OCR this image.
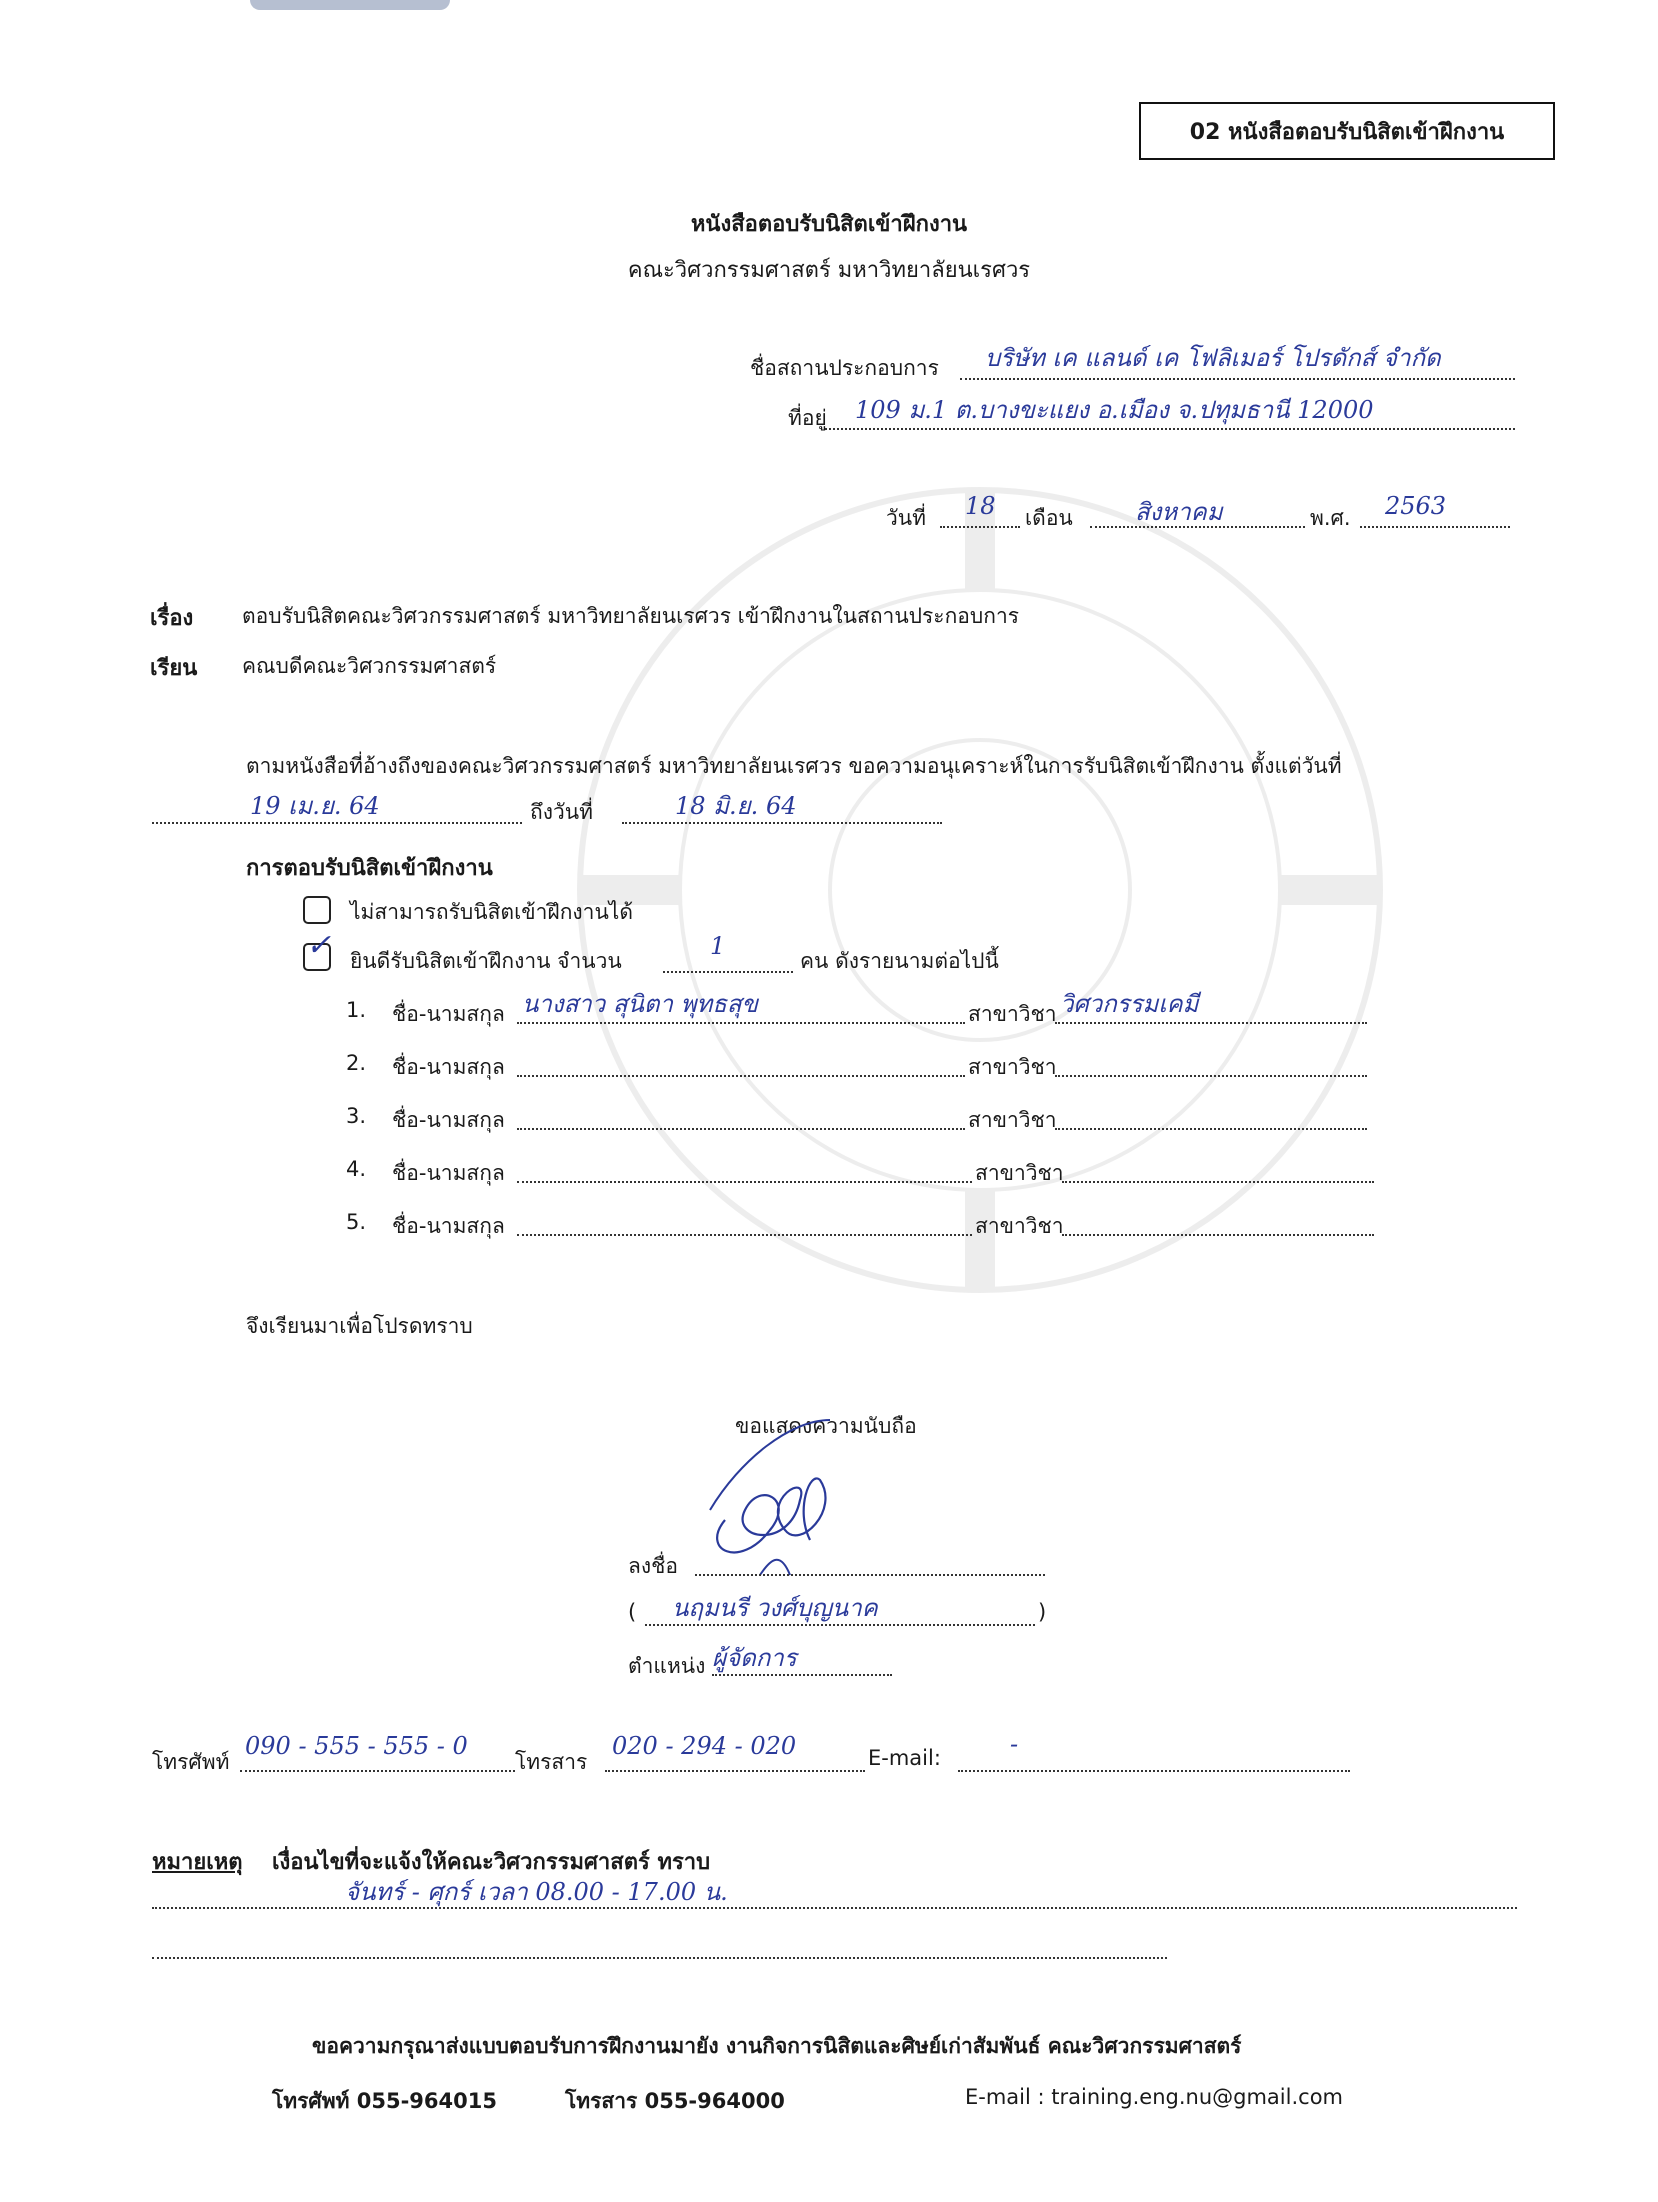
02 หนังสือตอบรับนิสิตเข้าฝึกงาน
หนังสือตอบรับนิสิตเข้าฝึกงาน
คณะวิศวกรรมศาสตร์ มหาวิทยาลัยนเรศวร
ชื่อสถานประกอบการ บริษัท เค แลนด์ เค โฟลิเมอร์ โปรดักส์ จำกัด
ที่อยู่ 109 ม.1 ต.บางขะแยง อ.เมือง จ.ปทุมธานี 12000
วันที่ 18 เดือน	สิงหาคม	พ.ศ. 2563
เรื่อง ตอบรับนิสิตคณะวิศวกรรมศาสตร์ มหาวิทยาลัยนเรศวร เข้าฝึกงานในสถานประกอบการ
เรียน คณบดีคณะวิศวกรรมศาสตร์
ตามหนังสือที่อ้างถึงของคณะวิศวกรรมศาสตร์ มหาวิทยาลัยนเรศวร ขอความอนุเคราะห์ในการรับนิสิตเข้าฝึกงาน ตั้งแต่วันที่
19 เม.ย. 64	ถึงวันที่	18 มิ.ย. 64
การตอบรับนิสิตเข้าฝึกงาน
ไม่สามารถรับนิสิตเข้าฝึกงานได้
✓ ยินดีรับนิสิตเข้าฝึกงาน จำนวน
1
คน ดังรายนามต่อไปนี้
1. ชื่อ-นามสกุล นางสาว สุนิตา พุทธสุข	สาขาวิชา วิศวกรรมเคมี
2. ชื่อ-นามสกุล	สาขาวิชา
3. ชื่อ-นามสกุล	สาขาวิชา
4. ชื่อ-นามสกุล	สาขาวิชา
5. ชื่อ-นามสกุล	สาขาวิชา
จึงเรียนมาเพื่อโปรดทราบ
ขอแสดงความนับถือ
ลงชื่อ
( นฤมนรี วงศ์บุญนาค	)
ตำแหน่ง ผู้จัดการ
โทรศัพท์
090 - 555 - 555 - 0
โทรสาร
020 - 294 - 020	E-mail:	-
หมายเหตุ เงื่อนไขที่จะแจ้งให้คณะวิศวกรรมศาสตร์ ทราบ
จันทร์ - ศุกร์ เวลา 08.00 - 17.00 น.
ขอความกรุณาส่งแบบตอบรับการฝึกงานมายัง งานกิจการนิสิตและศิษย์เก่าสัมพันธ์ คณะวิศวกรรมศาสตร์
โทรศัพท์ 055-964015	โทรสาร 055-964000	E-mail : training.eng.nu@gmail.com
